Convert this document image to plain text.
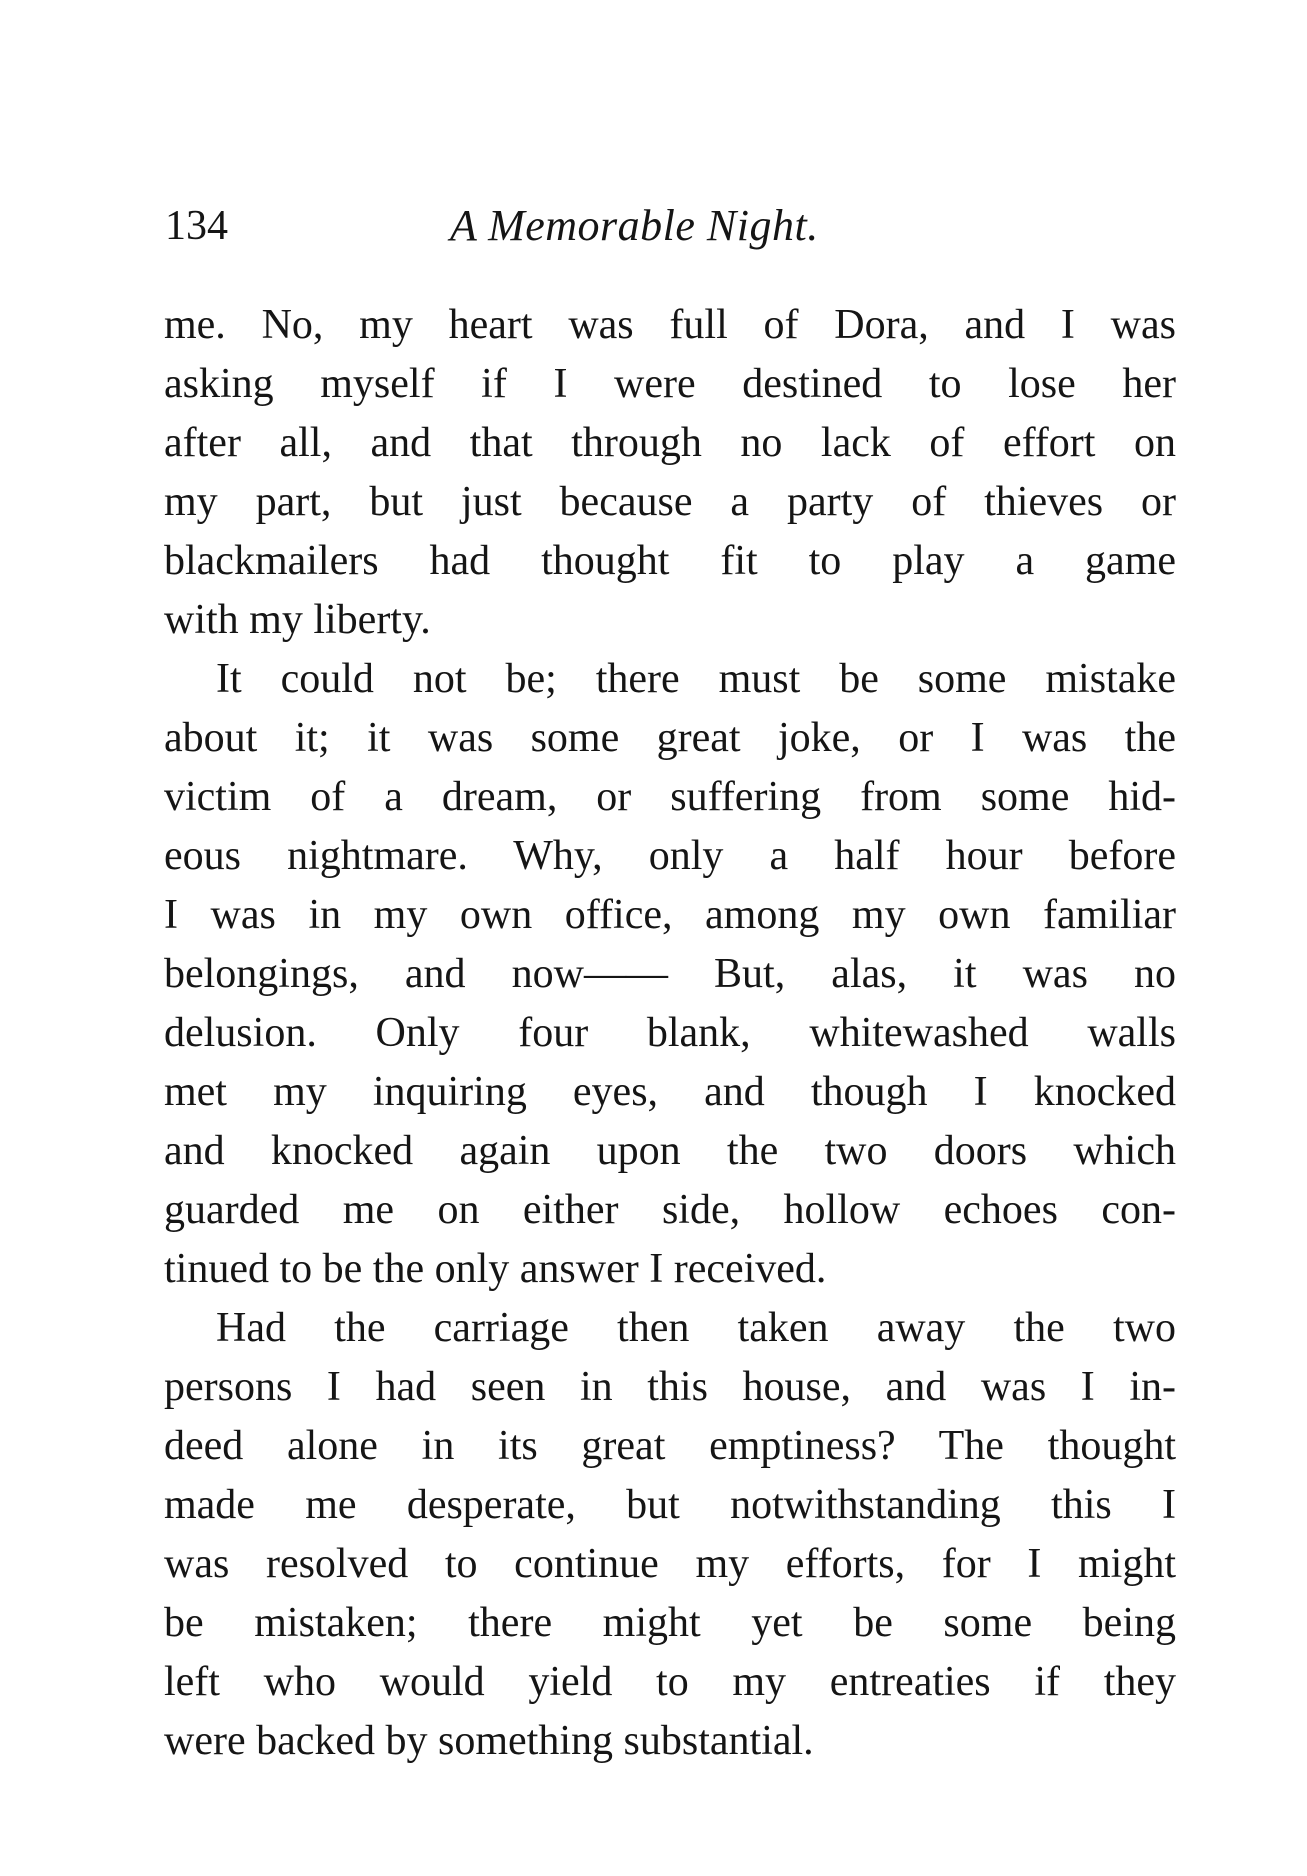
134	A Memorable Night.
me. No, my heart was full of Dora, and I was
asking myself if I were destined to lose her
after all, and that through no lack of effort on
my part, but just because a party of thieves or
blackmailers had thought fit to play a game
with my liberty.
It could not be; there must be some mistake
about it; it was some great joke, or I was the
victim of a dream, or suffering from some hid-
eous nightmare. Why, only a half hour before
I was in my own office, among my own familiar
belongings, and now—— But, alas, it was no
delusion. Only four blank, whitewashed walls
met my inquiring eyes, and though I knocked
and knocked again upon the two doors which
guarded me on either side, hollow echoes con-
tinued to be the only answer I received.
Had the carriage then taken away the two
persons I had seen in this house, and was I in-
deed alone in its great emptiness? The thought
made me desperate, but notwithstanding this I
was resolved to continue my efforts, for I might
be mistaken; there might yet be some being
left who would yield to my entreaties if they
were backed by something substantial.
